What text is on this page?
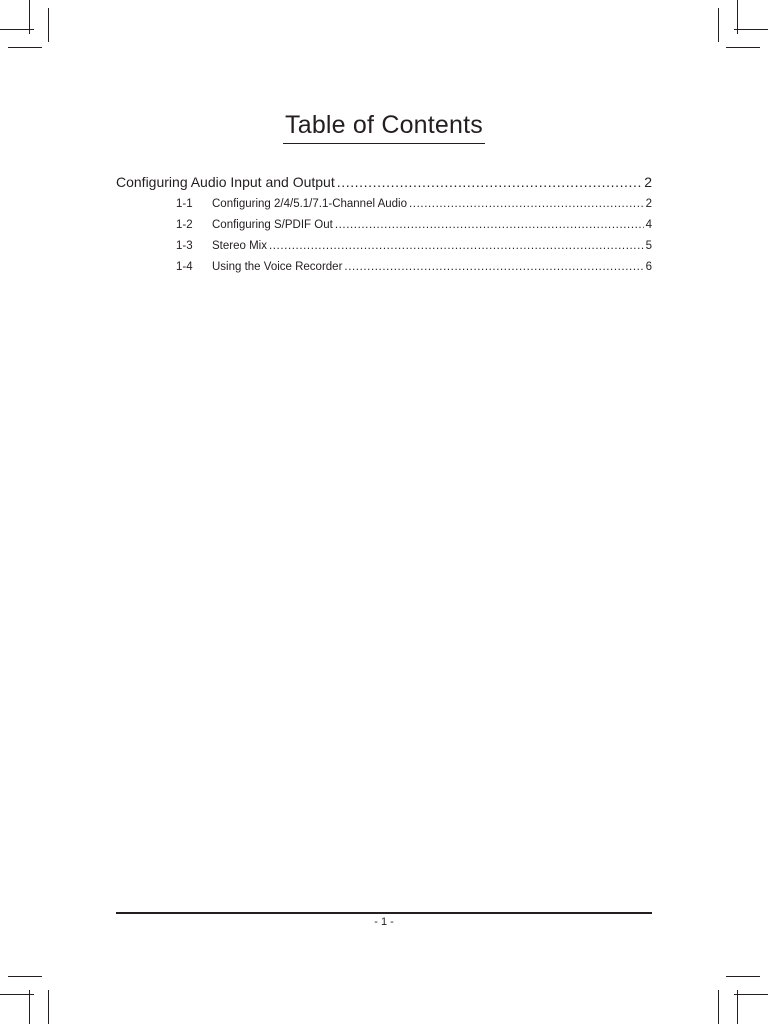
Table of Contents
Configuring Audio Input and Output .....	2
1-1	Configuring 2/4/5.1/7.1-Channel Audio .....	2
1-2	Configuring S/PDIF Out .....	4
1-3	Stereo Mix .....	5
1-4	Using the Voice Recorder .....	6
- 1 -
